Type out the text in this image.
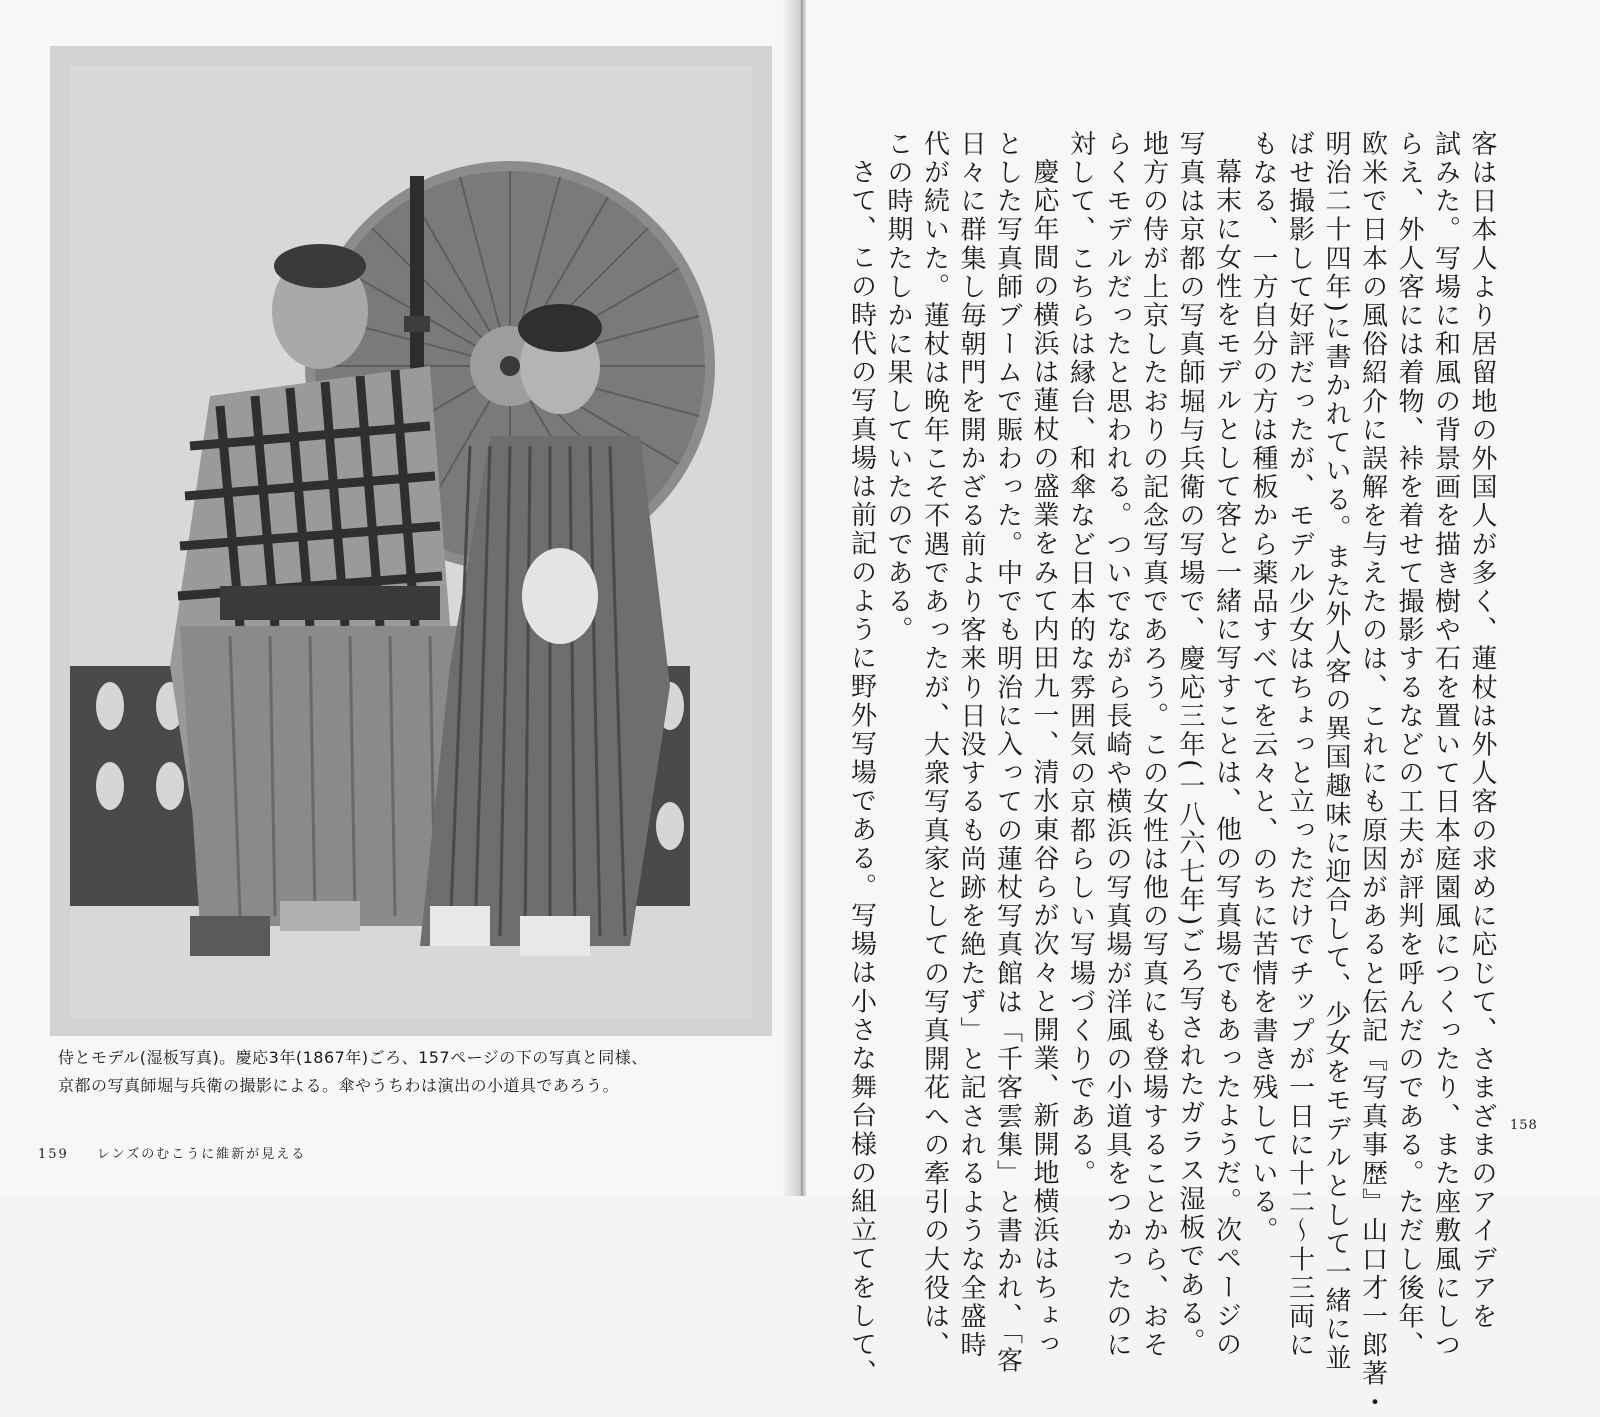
侍とモデル(湿板写真)。慶応3年(1867年)ごろ、157ページの下の写真と同様、
京都の写真師堀与兵衛の撮影による。傘やうちわは演出の小道具であろう。
159 レンズのむこうに維新が見える	客は日本人より居留地の外国人が多く、蓮杖は外人客の求めに応じて、さまざまのアイデアを
試みた。写場に和風の背景画を描き樹や石を置いて日本庭園風につくったり、また座敷風にしつ
らえ、外人客には着物、裃を着せて撮影するなどの工夫が評判を呼んだのである。ただし後年、
欧米で日本の風俗紹介に誤解を与えたのは、これにも原因があると伝記『写真事歴』山口才一郎著・
明治二十四年)に書かれている。また外人客の異国趣味に迎合して、少女をモデルとして一緒に並
ばせ撮影して好評だったが、モデル少女はちょっと立っただけでチップが一日に十二〜十三両に
もなる、一方自分の方は種板から薬品すべてを云々と、のちに苦情を書き残している。
幕末に女性をモデルとして客と一緒に写すことは、他の写真場でもあったようだ。次ページの
写真は京都の写真師堀与兵衛の写場で、慶応三年(一八六七年)ごろ写されたガラス湿板である。
地方の侍が上京したおりの記念写真であろう。この女性は他の写真にも登場することから、おそ
らくモデルだったと思われる。ついでながら長崎や横浜の写真場が洋風の小道具をつかったのに
対して、こちらは縁台、和傘など日本的な雰囲気の京都らしい写場づくりである。
慶応年間の横浜は蓮杖の盛業をみて内田九一、清水東谷らが次々と開業、新開地横浜はちょっ
とした写真師ブームで賑わった。中でも明治に入っての蓮杖写真館は「千客雲集」と書かれ、「客
日々に群集し毎朝門を開かざる前より客来り日没するも尚跡を絶たず」と記されるような全盛時
代が続いた。蓮杖は晩年こそ不遇であったが、大衆写真家としての写真開花への牽引の大役は、
この時期たしかに果していたのである。
さて、この時代の写真場は前記のように野外写場である。写場は小さな舞台様の組立てをして、	158
